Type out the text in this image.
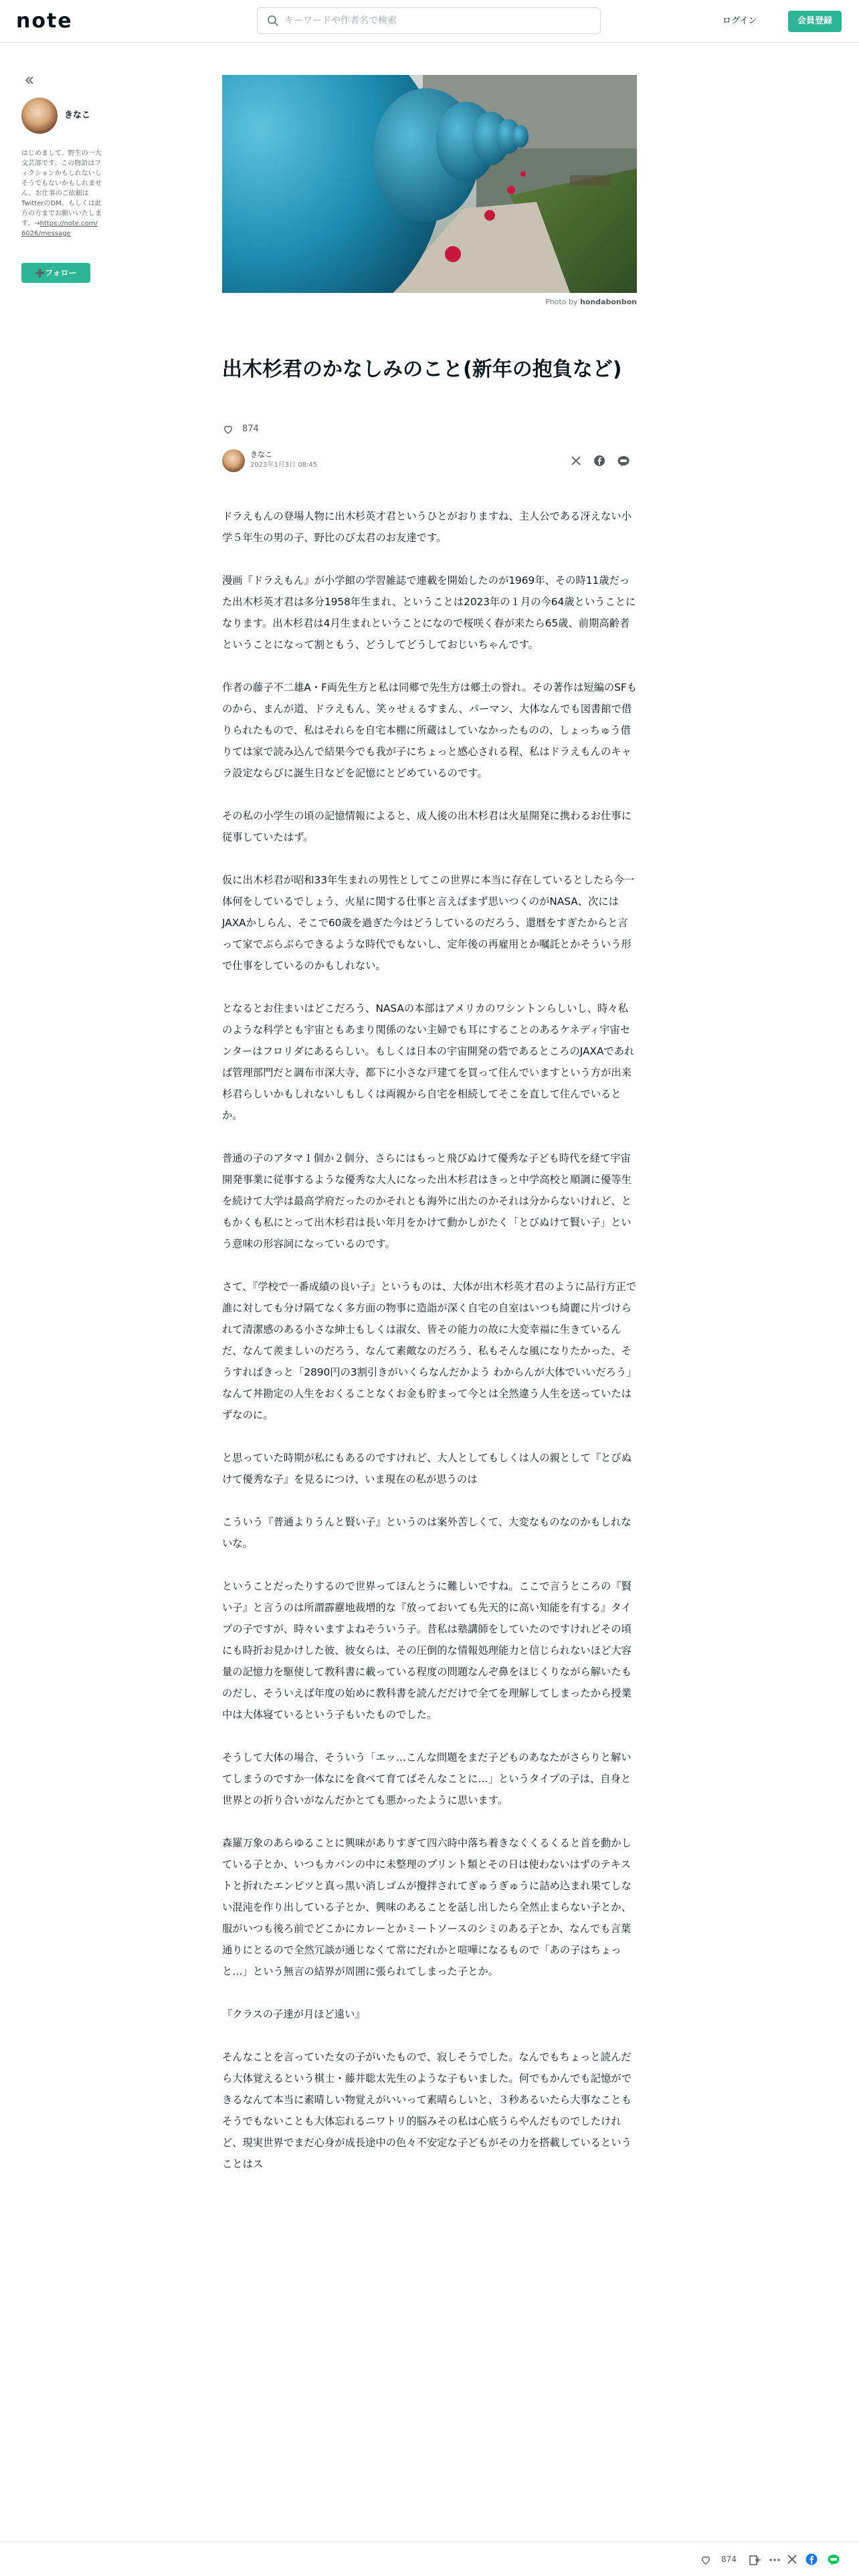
note
キーワードや作者名で検索	ログイン	会員登録
きなこ
はじめまして、野生の一大文芸部です。この物語はフィクションかもしれないしそうでもないかもしれません。お仕事のご依頼はTwitterのDM、もしくは此方の方までお願いいたします。→https://note.com/6026/message
➕フォロー
Photo by hondabonbon
出木杉君のかなしみのこと(新年の抱負など)
874
きなこ
2023年1月3日 08:45

ドラえもんの登場人物に出木杉英才君というひとがおりますね、主人公である冴えない小学５年生の男の子、野比のび太君のお友達です。

漫画『ドラえもん』が小学館の学習雑誌で連載を開始したのが1969年、その時11歳だった出木杉英才君は多分1958年生まれ、ということは2023年の１月の今64歳ということになります。出木杉君は4月生まれということになので桜咲く春が来たら65歳、前期高齢者ということになって割ともう、どうしてどうしておじいちゃんです。

作者の藤子不二雄A・F両先生方と私は同郷で先生方は郷土の誉れ。その著作は短編のSFものから、まんが道、ドラえもん、笑ゥせぇるすまん、パーマン、大体なんでも図書館で借りられたもので、私はそれらを自宅本棚に所蔵はしていなかったものの、しょっちゅう借りては家で読み込んで結果今でも我が子にちょっと感心される程、私はドラえもんのキャラ設定ならびに誕生日などを記憶にとどめているのです。

その私の小学生の頃の記憶情報によると、成人後の出木杉君は火星開発に携わるお仕事に従事していたはず。

仮に出木杉君が昭和33年生まれの男性としてこの世界に本当に存在しているとしたら今一体何をしているでしょう、火星に関する仕事と言えばまず思いつくのがNASA、次にはJAXAかしらん、そこで60歳を過ぎた今はどうしているのだろう、還暦をすぎたからと言って家でぶらぶらできるような時代でもないし、定年後の再雇用とか嘱託とかそういう形で仕事をしているのかもしれない。

となるとお住まいはどこだろう、NASAの本部はアメリカのワシントンらしいし、時々私のような科学とも宇宙ともあまり関係のない主婦でも耳にすることのあるケネディ宇宙センターはフロリダにあるらしい。もしくは日本の宇宙開発の砦であるところのJAXAであれば管理部門だと調布市深大寺、都下に小さな戸建てを買って住んでいますという方が出来杉君らしいかもしれないしもしくは両親から自宅を相続してそこを直して住んでいるとか。

普通の子のアタマ１個か２個分、さらにはもっと飛びぬけて優秀な子ども時代を経て宇宙開発事業に従事するような優秀な大人になった出木杉君はきっと中学高校と順調に優等生を続けて大学は最高学府だったのかそれとも海外に出たのかそれは分からないけれど、ともかくも私にとって出木杉君は長い年月をかけて動かしがたく「とびぬけて賢い子」という意味の形容詞になっているのです。

さて、『学校で一番成績の良い子』というものは、大体が出木杉英才君のように品行方正で誰に対しても分け隔てなく多方面の物事に造詣が深く自宅の自室はいつも綺麗に片づけられて清潔感のある小さな紳士もしくは淑女、皆その能力の故に大変幸福に生きているんだ、なんて羨ましいのだろう、なんて素敵なのだろう、私もそんな風になりたかった、そうすればきっと「2890円の3割引きがいくらなんだかよう わからんが大体でいいだろう」なんて丼勘定の人生をおくることなくお金も貯まって今とは全然違う人生を送っていたはずなのに。

と思っていた時期が私にもあるのですけれど、大人としてもしくは人の親として『とびぬけて優秀な子』を見るにつけ、いま現在の私が思うのは

こういう『普通よりうんと賢い子』というのは案外苦しくて、大変なものなのかもしれないな。

ということだったりするので世界ってほんとうに難しいですね。ここで言うところの『賢い子』と言うのは所謂霹靂地裁増的な『放っておいても先天的に高い知能を有する』タイプの子ですが、時々いますよねそういう子。昔私は塾講師をしていたのですけれどその頃にも時折お見かけした彼、彼女らは、その圧倒的な情報処理能力と信じられないほど大容量の記憶力を駆使して教科書に載っている程度の問題なんぞ鼻をほじくりながら解いたものだし、そういえば年度の始めに教科書を読んだだけで全てを理解してしまったから授業中は大体寝ているという子もいたものでした。

そうして大体の場合、そういう「エッ…こんな問題をまだ子どものあなたがさらりと解いてしまうのですか一体なにを食べて育てばそんなことに…」というタイプの子は、自身と世界との折り合いがなんだかとても悪かったように思います。

森羅万象のあらゆることに興味がありすぎて四六時中落ち着きなくくるくると首を動かしている子とか、いつもカバンの中に未整理のプリント類とその日は使わないはずのテキストと折れたエンピツと真っ黒い消しゴムが攪拌されてぎゅうぎゅうに詰め込まれ果てしない混沌を作り出している子とか、興味のあることを話し出したら全然止まらない子とか、服がいつも後ろ前でどこかにカレーとかミートソースのシミのある子とか、なんでも言葉通りにとるので全然冗談が通じなくて常にだれかと喧嘩になるもので「あの子はちょっと…」という無言の結界が周囲に張られてしまった子とか。

『クラスの子達が月ほど遠い』

そんなことを言っていた女の子がいたもので、寂しそうでした。なんでもちょっと読んだら大体覚えるという棋士・藤井聡太先生のような子もいました。何でもかんでも記憶ができるなんて本当に素晴しい物覚えがいいって素晴らしいと、３秒あるいたら大事なこともそうでもないことも大体忘れるニワトリ的脳みその私は心底うらやんだものでしたけれど、現実世界でまだ心身が成長途中の色々不安定な子どもがその力を搭載しているということはス

874
